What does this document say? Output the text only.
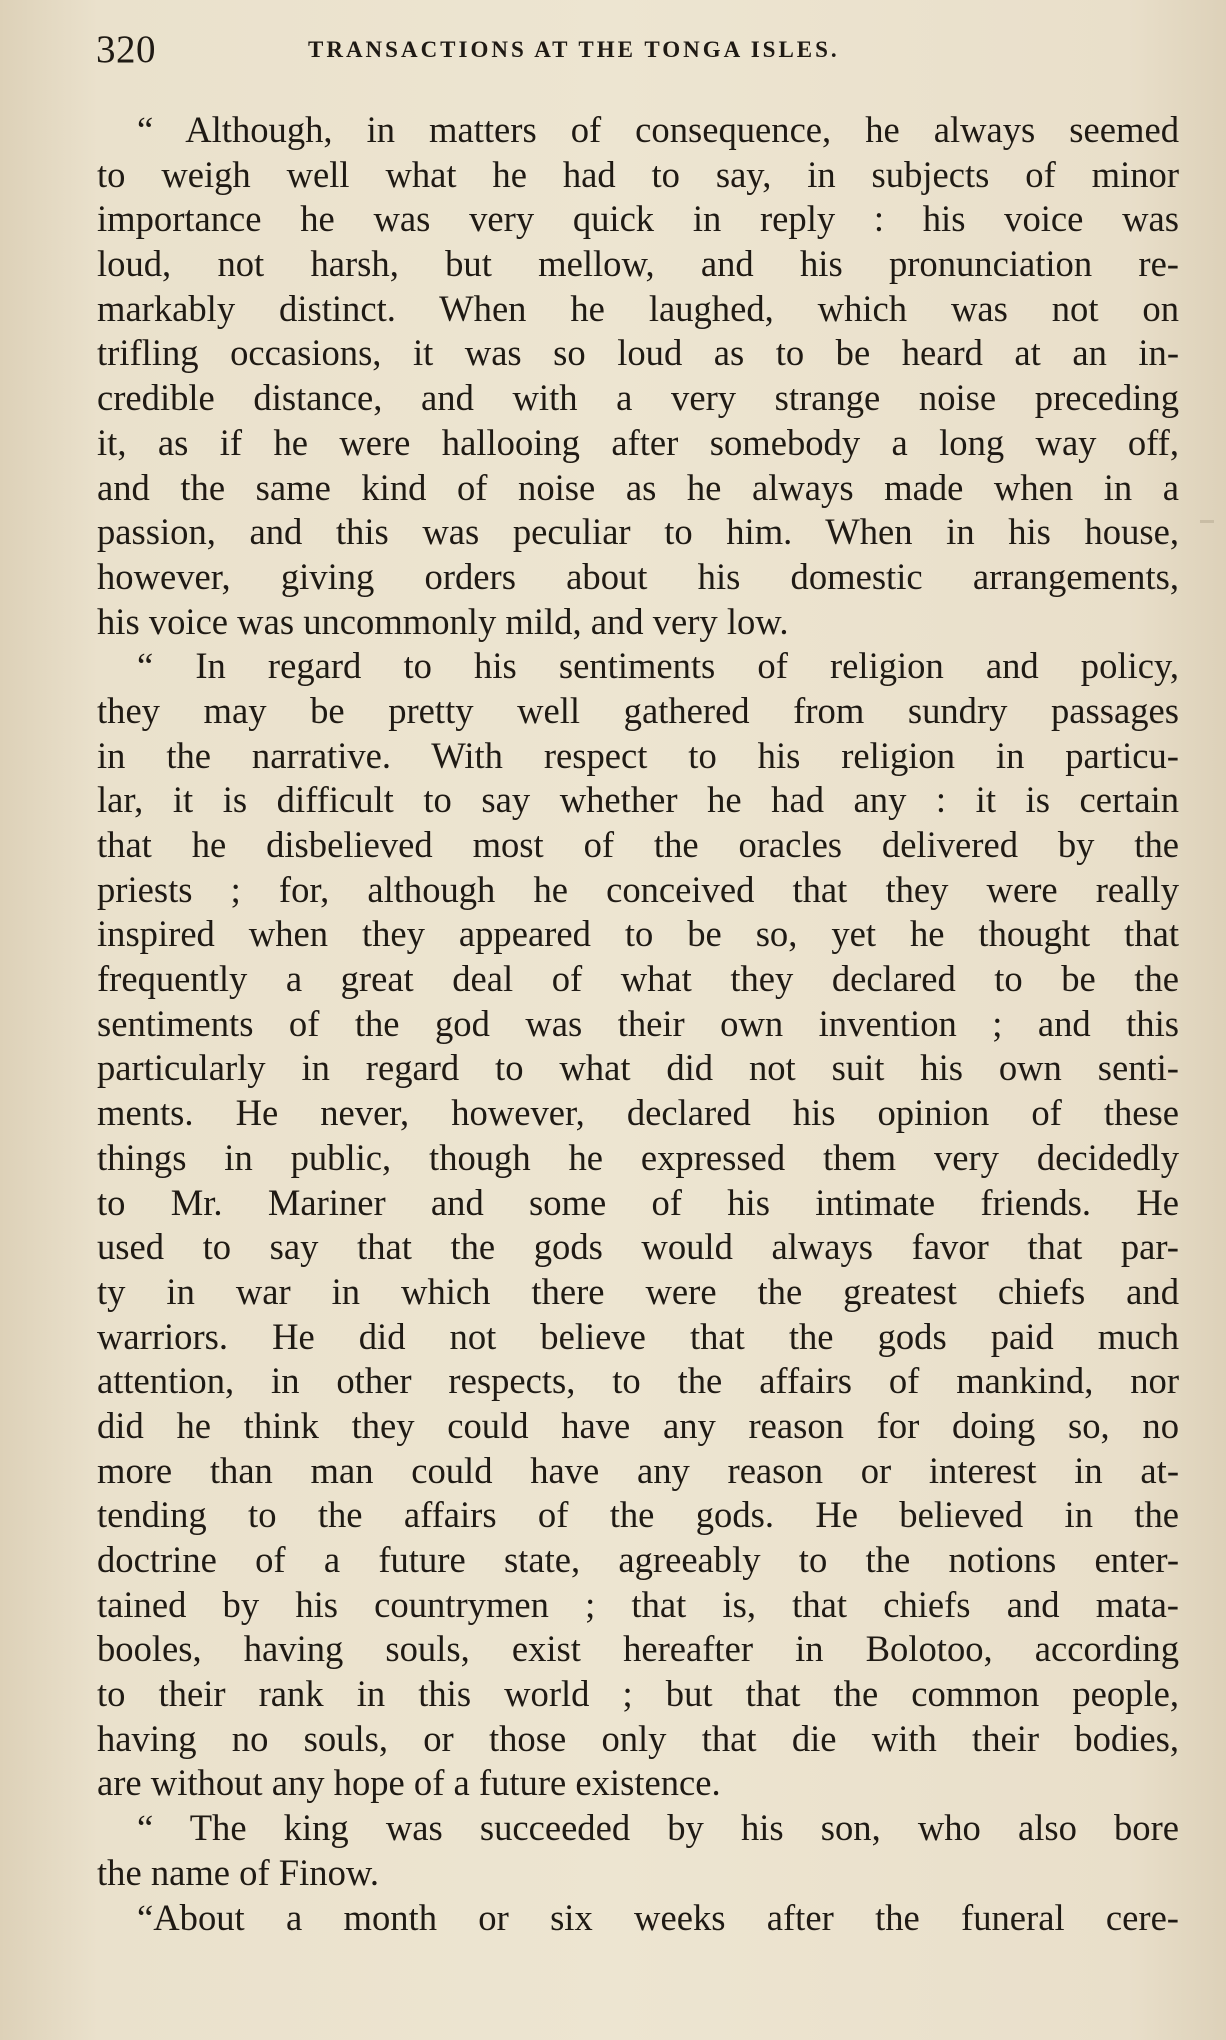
320	TRANSACTIONS AT THE TONGA ISLES.
“ Although, in matters of consequence, he always seemed
to weigh well what he had to say, in subjects of minor
importance he was very quick in reply : his voice was
loud, not harsh, but mellow, and his pronunciation re-
markably distinct. When he laughed, which was not on
trifling occasions, it was so loud as to be heard at an in-
credible distance, and with a very strange noise preceding
it, as if he were hallooing after somebody a long way off,
and the same kind of noise as he always made when in a
passion, and this was peculiar to him. When in his house,
however, giving orders about his domestic arrangements,
his voice was uncommonly mild, and very low.
“ In regard to his sentiments of religion and policy,
they may be pretty well gathered from sundry passages
in the narrative. With respect to his religion in particu-
lar, it is difficult to say whether he had any : it is certain
that he disbelieved most of the oracles delivered by the
priests ; for, although he conceived that they were really
inspired when they appeared to be so, yet he thought that
frequently a great deal of what they declared to be the
sentiments of the god was their own invention ; and this
particularly in regard to what did not suit his own senti-
ments. He never, however, declared his opinion of these
things in public, though he expressed them very decidedly
to Mr. Mariner and some of his intimate friends. He
used to say that the gods would always favor that par-
ty in war in which there were the greatest chiefs and
warriors. He did not believe that the gods paid much
attention, in other respects, to the affairs of mankind, nor
did he think they could have any reason for doing so, no
more than man could have any reason or interest in at-
tending to the affairs of the gods. He believed in the
doctrine of a future state, agreeably to the notions enter-
tained by his countrymen ; that is, that chiefs and mata-
booles, having souls, exist hereafter in Bolotoo, according
to their rank in this world ; but that the common people,
having no souls, or those only that die with their bodies,
are without any hope of a future existence.
“ The king was succeeded by his son, who also bore
the name of Finow.
“About a month or six weeks after the funeral cere-
